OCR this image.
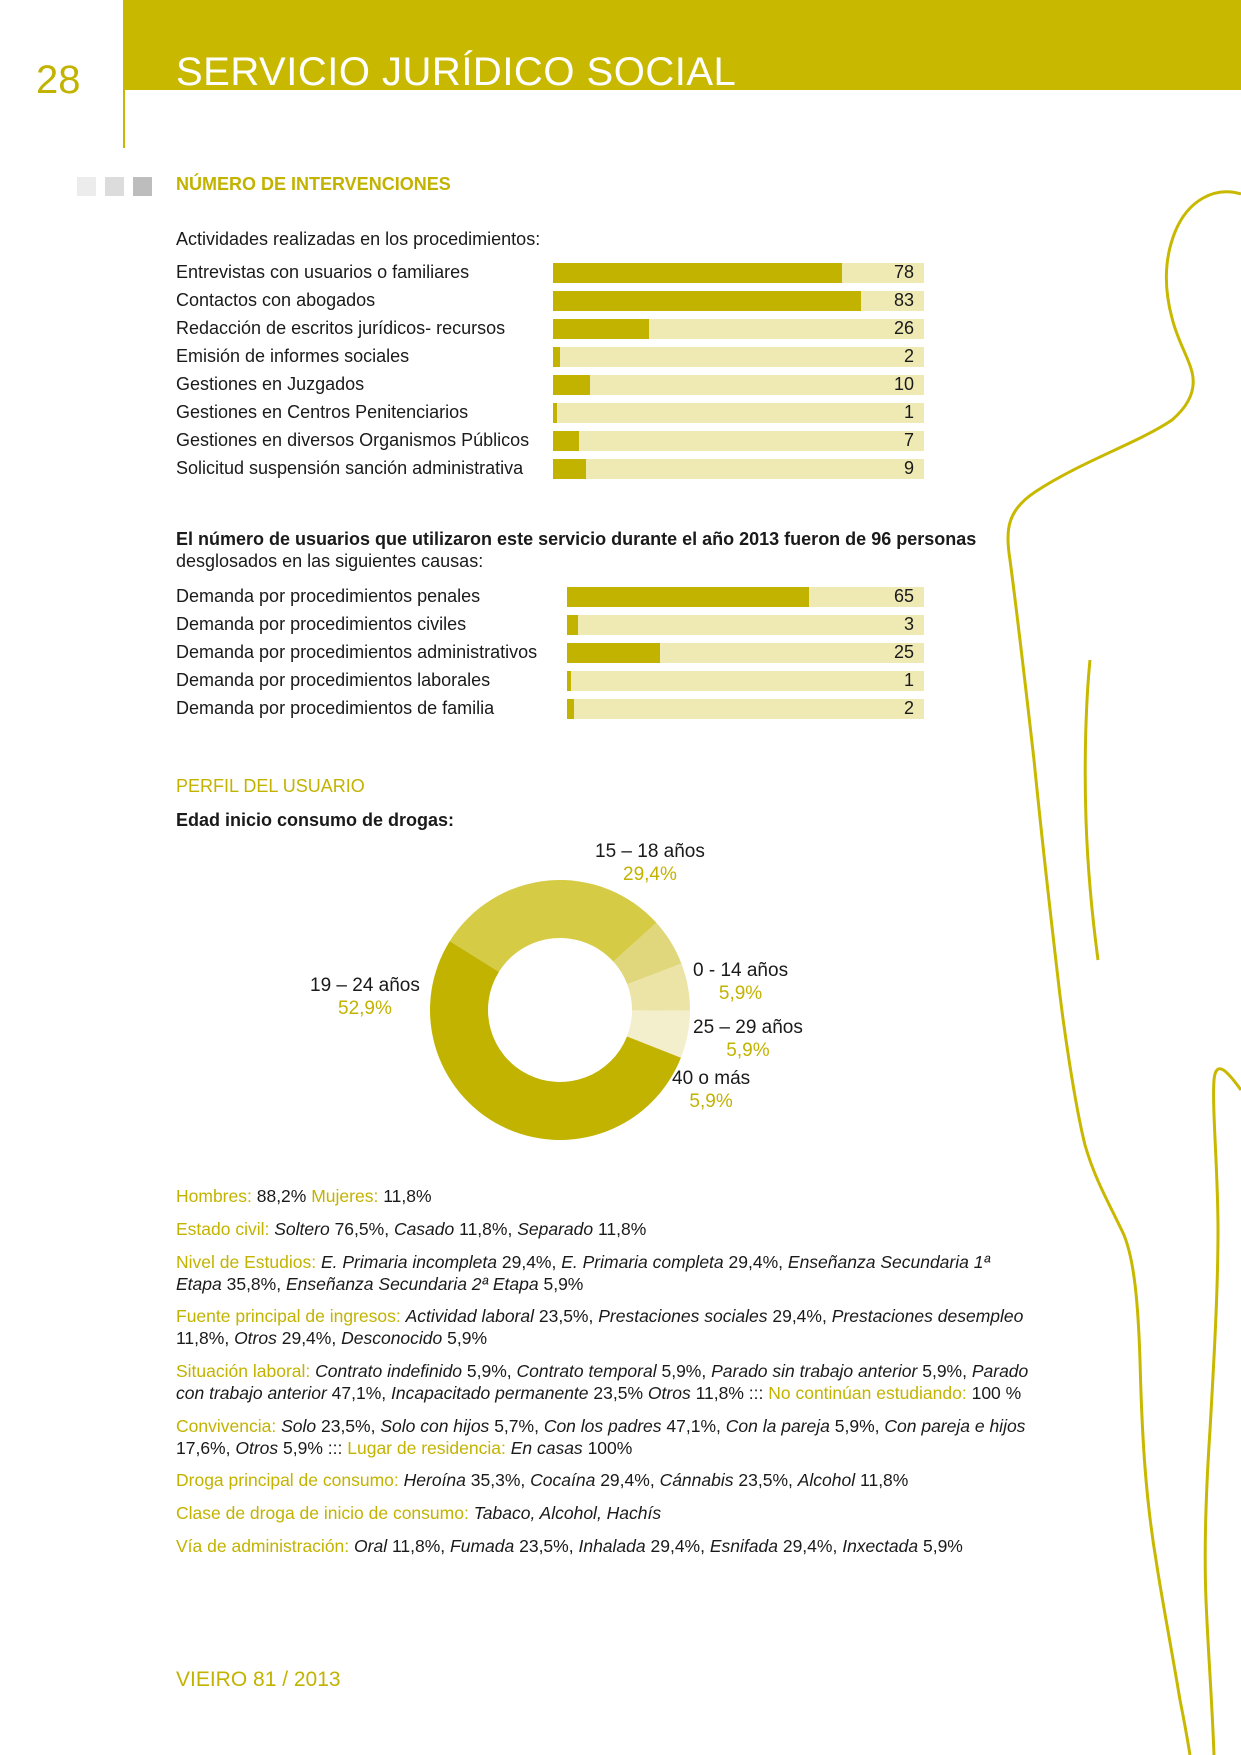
28 SERVICIO JURÍDICO SOCIAL
NÚMERO DE INTERVENCIONES
Actividades realizadas en los procedimientos:
Entrevistas con usuarios o familiares	78
Contactos con abogados	83
Redacción de escritos jurídicos- recursos	26
Emisión de informes sociales	2
Gestiones en Juzgados	10
Gestiones en Centros Penitenciarios	1
Gestiones en diversos Organismos Públicos	7
Solicitud suspensión sanción administrativa	9
El número de usuarios que utilizaron este servicio durante el año 2013 fueron de 96 personas
desglosados en las siguientes causas:
Demanda por procedimientos penales	65
Demanda por procedimientos civiles	3
Demanda por procedimientos administrativos	25
Demanda por procedimientos laborales	1
Demanda por procedimientos de familia	2
PERFIL DEL USUARIO
Edad inicio consumo de drogas:
15 – 18 años
29,4%
0 - 14 años
5,9%
25 – 29 años
5,9%
40 o más
5,9%
19 – 24 años
52,9%
Hombres: 88,2% Mujeres: 11,8%
Estado civil: Soltero 76,5%, Casado 11,8%, Separado 11,8%
Nivel de Estudios: E. Primaria incompleta 29,4%, E. Primaria completa 29,4%, Enseñanza Secundaria 1ª Etapa 35,8%, Enseñanza Secundaria 2ª Etapa 5,9%
Fuente principal de ingresos: Actividad laboral 23,5%, Prestaciones sociales 29,4%, Prestaciones desempleo 11,8%, Otros 29,4%, Desconocido 5,9%
Situación laboral: Contrato indefinido 5,9%, Contrato temporal 5,9%, Parado sin trabajo anterior 5,9%, Parado con trabajo anterior 47,1%, Incapacitado permanente 23,5% Otros 11,8% ::: No continúan estudiando: 100 %
Convivencia: Solo 23,5%, Solo con hijos 5,7%, Con los padres 47,1%, Con la pareja 5,9%, Con pareja e hijos 17,6%, Otros 5,9% ::: Lugar de residencia: En casas 100%
Droga principal de consumo: Heroína 35,3%, Cocaína 29,4%, Cánnabis 23,5%, Alcohol 11,8%
Clase de droga de inicio de consumo: Tabaco, Alcohol, Hachís
Vía de administración: Oral 11,8%, Fumada 23,5%, Inhalada 29,4%, Esnifada 29,4%, Inxectada 5,9%
VIEIRO 81 / 2013
